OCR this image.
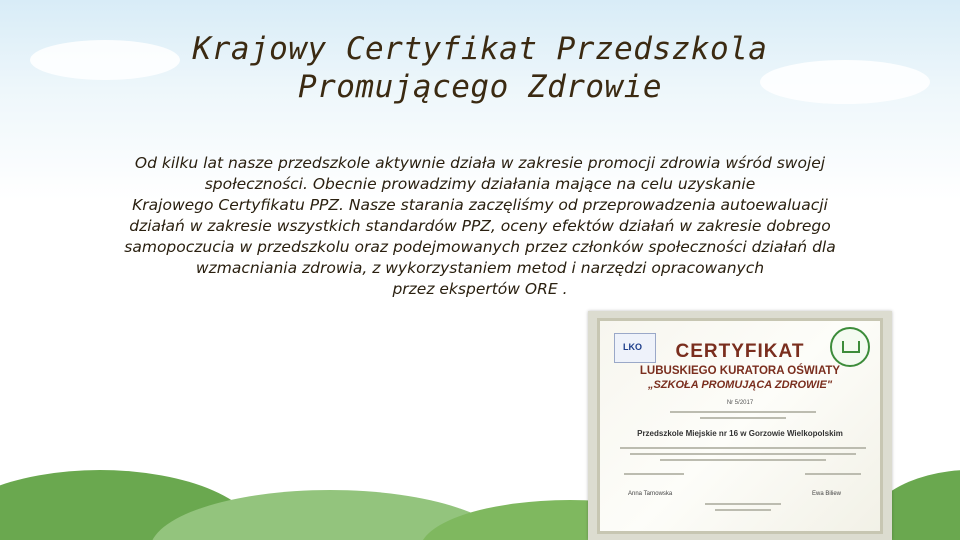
Krajowy Certyfikat Przedszkola
Promującego Zdrowie
Od kilku lat nasze przedszkole aktywnie działa w zakresie promocji zdrowia wśród swojej
społeczności. Obecnie prowadzimy działania mające na celu uzyskanie
Krajowego Certyfikatu PPZ. Nasze starania zaczęliśmy od przeprowadzenia autoewaluacji
działań w zakresie wszystkich standardów PPZ, oceny efektów działań w zakresie dobrego
samopoczucia w przedszkolu oraz podejmowanych przez członków społeczności działań dla
wzmacniania zdrowia, z wykorzystaniem metod i narzędzi opracowanych
przez ekspertów ORE .
LKO	CERTYFIKAT
LUBUSKIEGO KURATORA OŚWIATY
„SZKOŁA PROMUJĄCA ZDROWIE"
Nr 5/2017
Przedszkole Miejskie nr 16 w Gorzowie Wielkopolskim
Anna Tarnowska	Ewa Biliew
